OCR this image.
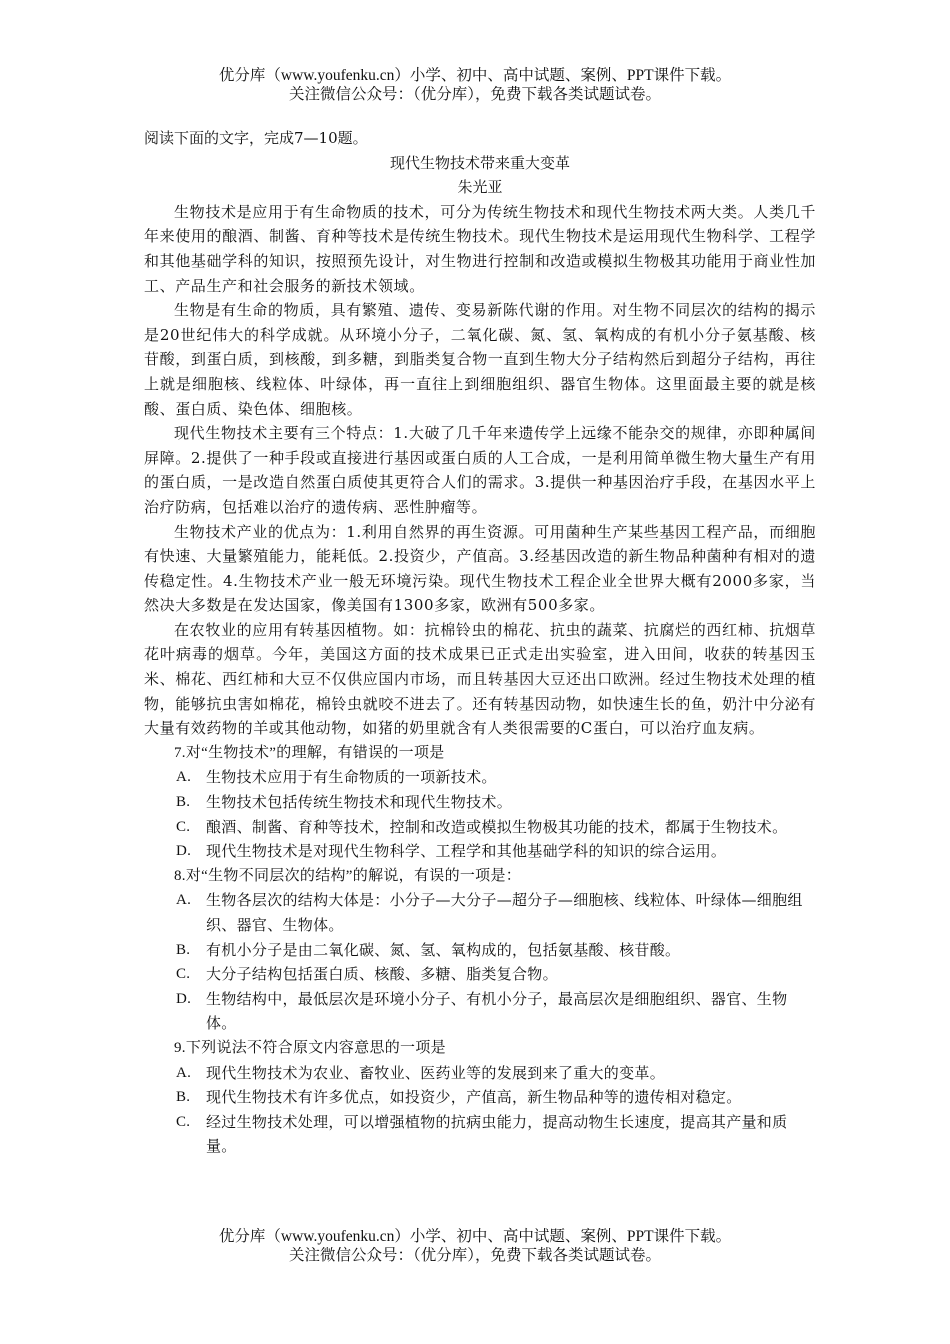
优分库（www.youfenku.cn）小学、初中、高中试题、案例、PPT课件下载。
关注微信公众号：（优分库），免费下载各类试题试卷。

阅读下面的文字，完成7—10题。

现代生物技术带来重大变革

朱光亚

生物技术是应用于有生命物质的技术，可分为传统生物技术和现代生物技术两大类。人类几千年来使用的酿酒、制酱、育种等技术是传统生物技术。现代生物技术是运用现代生物科学、工程学和其他基础学科的知识，按照预先设计，对生物进行控制和改造或模拟生物极其功能用于商业性加工、产品生产和社会服务的新技术领域。

生物是有生命的物质，具有繁殖、遗传、变易新陈代谢的作用。对生物不同层次的结构的揭示是20世纪伟大的科学成就。从环境小分子，二氧化碳、氮、氢、氧构成的有机小分子氨基酸、核苷酸，到蛋白质，到核酸，到多糖，到脂类复合物一直到生物大分子结构然后到超分子结构，再往上就是细胞核、线粒体、叶绿体，再一直往上到细胞组织、器官生物体。这里面最主要的就是核酸、蛋白质、染色体、细胞核。

现代生物技术主要有三个特点：1.大破了几千年来遗传学上远缘不能杂交的规律，亦即种属间屏障。2.提供了一种手段或直接进行基因或蛋白质的人工合成，一是利用简单微生物大量生产有用的蛋白质，一是改造自然蛋白质使其更符合人们的需求。3.提供一种基因治疗手段，在基因水平上治疗防病，包括难以治疗的遗传病、恶性肿瘤等。

生物技术产业的优点为：1.利用自然界的再生资源。可用菌种生产某些基因工程产品，而细胞有快速、大量繁殖能力，能耗低。2.投资少，产值高。3.经基因改造的新生物品种菌种有相对的遗传稳定性。4.生物技术产业一般无环境污染。现代生物技术工程企业全世界大概有2000多家，当然决大多数是在发达国家，像美国有1300多家，欧洲有500多家。

在农牧业的应用有转基因植物。如：抗棉铃虫的棉花、抗虫的蔬菜、抗腐烂的西红柿、抗烟草花叶病毒的烟草。今年，美国这方面的技术成果已正式走出实验室，进入田间，收获的转基因玉米、棉花、西红柿和大豆不仅供应国内市场，而且转基因大豆还出口欧洲。经过生物技术处理的植物，能够抗虫害如棉花，棉铃虫就咬不进去了。还有转基因动物，如快速生长的鱼，奶汁中分泌有大量有效药物的羊或其他动物，如猪的奶里就含有人类很需要的C蛋白，可以治疗血友病。

7.对“生物技术”的理解，有错误的一项是

A. 生物技术应用于有生命物质的一项新技术。
B.	生物技术包括传统生物技术和现代生物技术。
C.	酿酒、制酱、育种等技术，控制和改造或模拟生物极其功能的技术，都属于生物技术。
D. 现代生物技术是对现代生物科学、工程学和其他基础学科的知识的综合运用。

8.对“生物不同层次的结构”的解说，有误的一项是：

A. 生物各层次的结构大体是：小分子—大分子—超分子—细胞核、线粒体、叶绿体—细胞组织、器官、生物体。
B.	有机小分子是由二氧化碳、氮、氢、氧构成的，包括氨基酸、核苷酸。
C.	大分子结构包括蛋白质、核酸、多糖、脂类复合物。
D. 生物结构中，最低层次是环境小分子、有机小分子，最高层次是细胞组织、器官、生物体。

9.下列说法不符合原文内容意思的一项是

A. 现代生物技术为农业、畜牧业、医药业等的发展到来了重大的变革。
B.	现代生物技术有许多优点，如投资少，产值高，新生物品种等的遗传相对稳定。
C.	经过生物技术处理，可以增强植物的抗病虫能力，提高动物生长速度，提高其产量和质量。
优分库（www.youfenku.cn）小学、初中、高中试题、案例、PPT课件下载。
关注微信公众号：（优分库），免费下载各类试题试卷。
